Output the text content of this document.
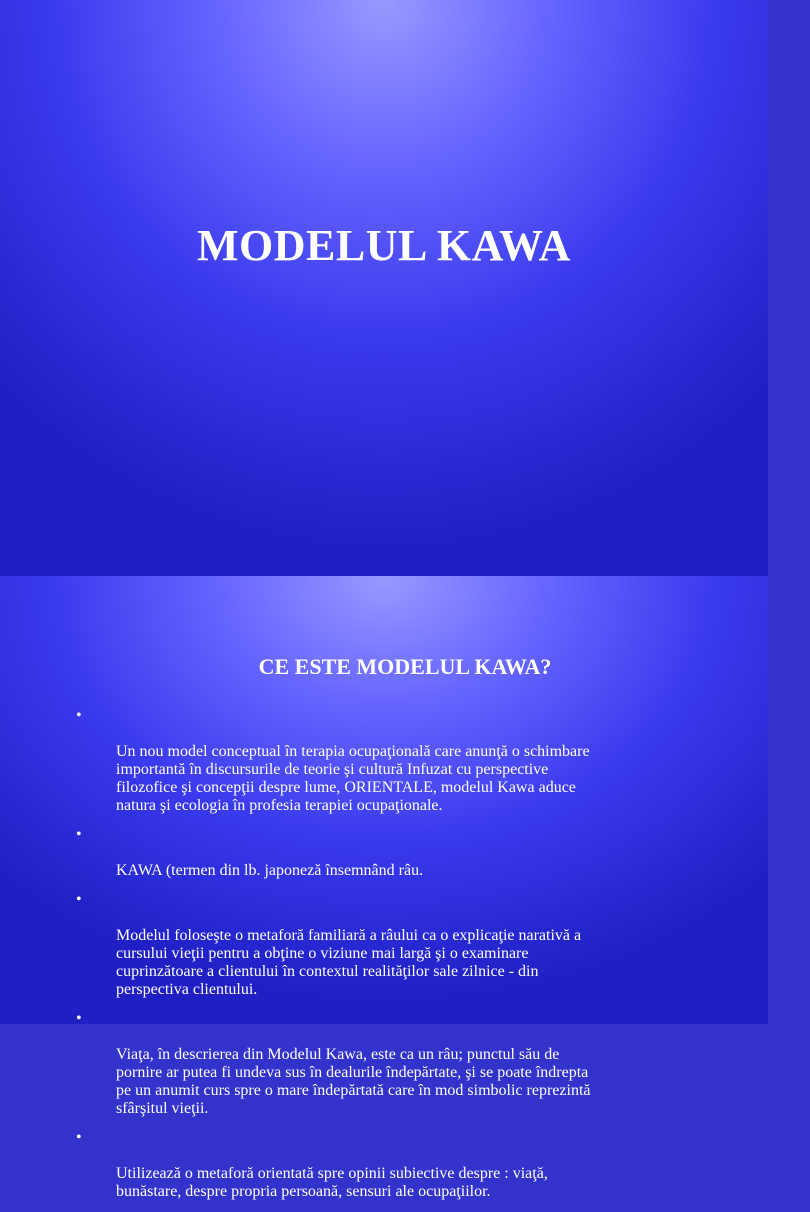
MODELUL KAWA
CE ESTE MODELUL KAWA?

•

Un nou model conceptual în terapia ocupaţională care anunţă o schimbare
importantă în discursurile de teorie şi cultură Infuzat cu perspective
filozofice şi concepţii despre lume, ORIENTALE, modelul Kawa aduce
natura şi ecologia în profesia terapiei ocupaţionale.

•

KAWA (termen din lb. japoneză însemnând râu.

•

Modelul foloseşte o metaforă familiară a râului ca o explicaţie narativă a
cursului vieţii pentru a obţine o viziune mai largă şi o examinare
cuprinzătoare a clientului în contextul realităţilor sale zilnice - din
perspectiva clientului.

•

Viaţa, în descrierea din Modelul Kawa, este ca un râu; punctul său de
pornire ar putea fi undeva sus în dealurile îndepărtate, şi se poate îndrepta
pe un anumit curs spre o mare îndepărtată care în mod simbolic reprezintă
sfârşitul vieţii.

•

Utilizează o metaforă orientată spre opinii subiective despre : viaţă,
bunăstare, despre propria persoană, sensuri ale ocupaţiilor.
